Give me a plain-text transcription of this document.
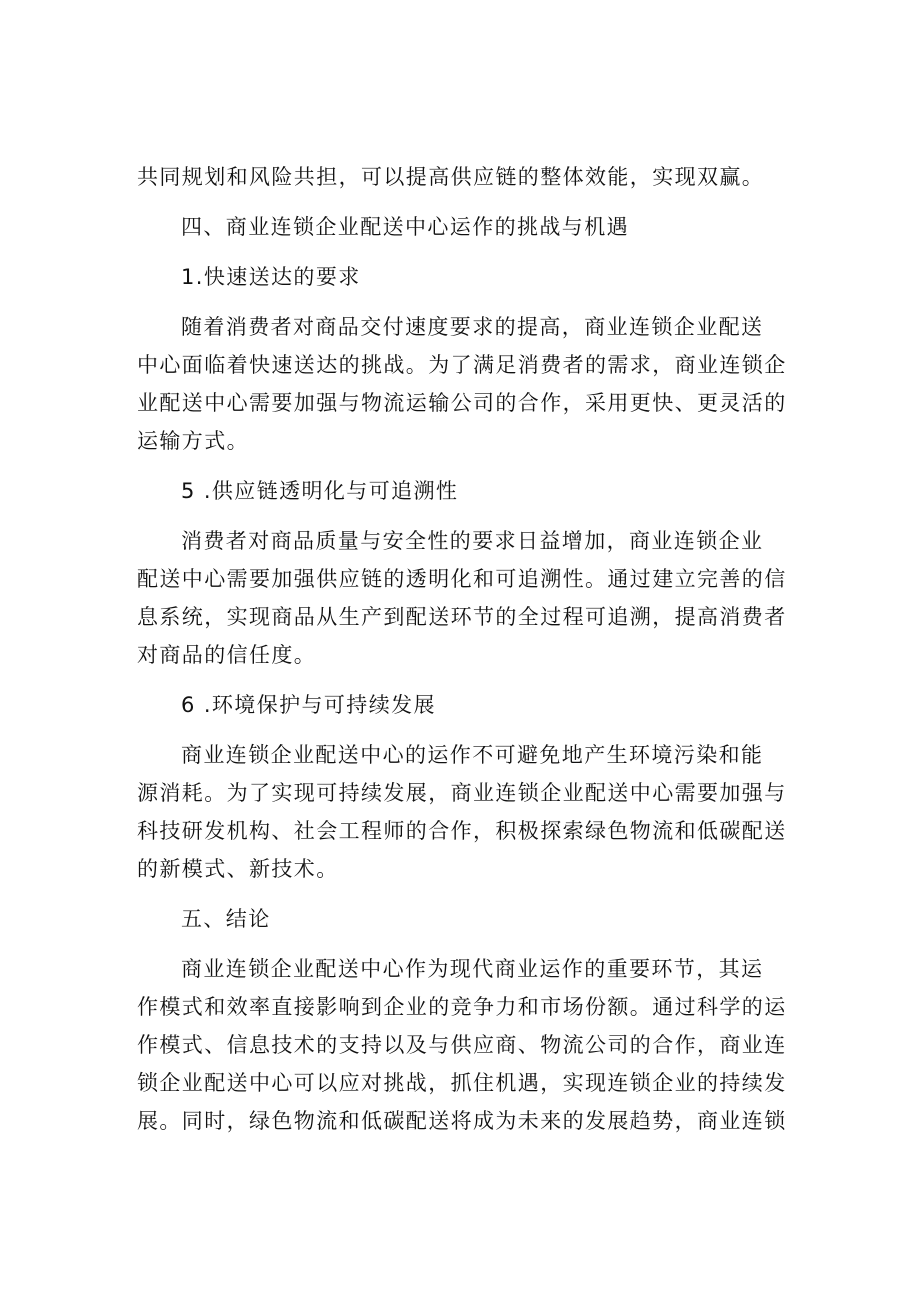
共同规划和风险共担，可以提高供应链的整体效能，实现双赢。
四、商业连锁企业配送中心运作的挑战与机遇
1.快速送达的要求
随着消费者对商品交付速度要求的提高，商业连锁企业配送
中心面临着快速送达的挑战。为了满足消费者的需求，商业连锁企
业配送中心需要加强与物流运输公司的合作，采用更快、更灵活的
运输方式。
5 .供应链透明化与可追溯性
消费者对商品质量与安全性的要求日益增加，商业连锁企业
配送中心需要加强供应链的透明化和可追溯性。通过建立完善的信
息系统，实现商品从生产到配送环节的全过程可追溯，提高消费者
对商品的信任度。
6 .环境保护与可持续发展
商业连锁企业配送中心的运作不可避免地产生环境污染和能
源消耗。为了实现可持续发展，商业连锁企业配送中心需要加强与
科技研发机构、社会工程师的合作，积极探索绿色物流和低碳配送
的新模式、新技术。
五、结论
商业连锁企业配送中心作为现代商业运作的重要环节，其运
作模式和效率直接影响到企业的竞争力和市场份额。通过科学的运
作模式、信息技术的支持以及与供应商、物流公司的合作，商业连
锁企业配送中心可以应对挑战，抓住机遇，实现连锁企业的持续发
展。同时，绿色物流和低碳配送将成为未来的发展趋势，商业连锁
